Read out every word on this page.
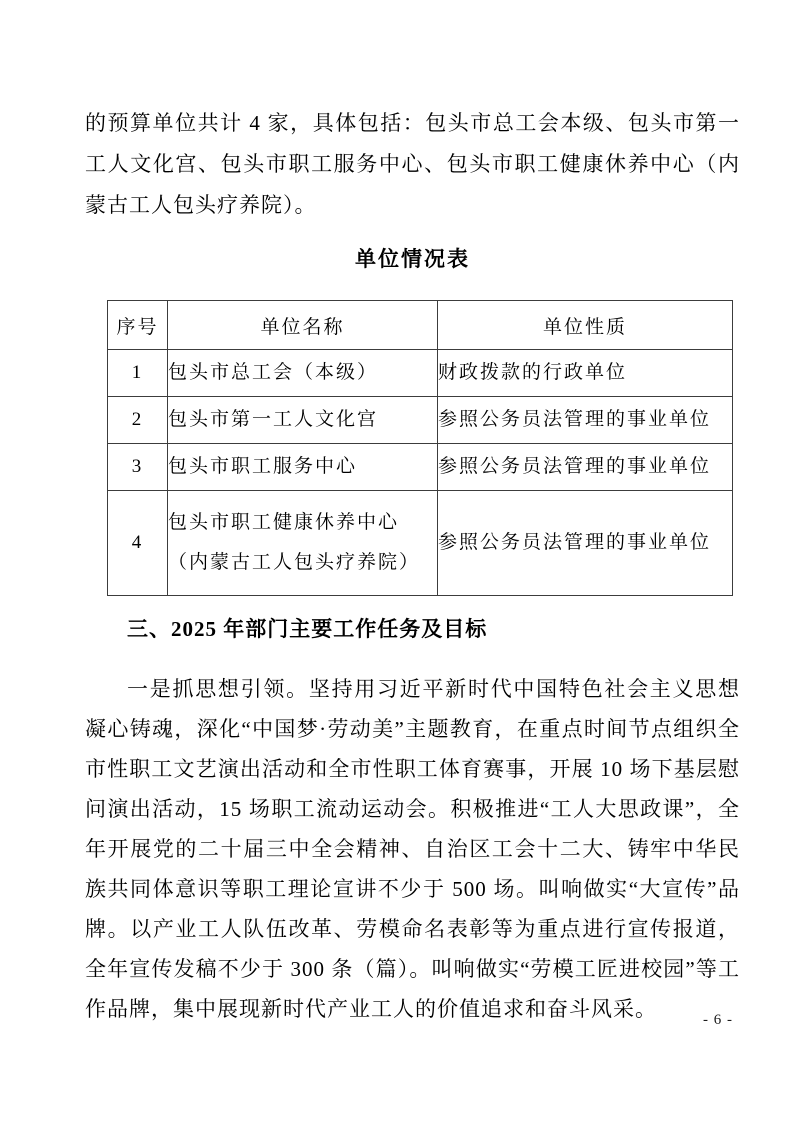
的预算单位共计 4 家，具体包括：包头市总工会本级、包头市第一工人文化宫、包头市职工服务中心、包头市职工健康休养中心（内蒙古工人包头疗养院）。

单位情况表
序号	单位名称	单位性质
1	包头市总工会（本级）	财政拨款的行政单位
2	包头市第一工人文化宫	参照公务员法管理的事业单位
3	包头市职工服务中心	参照公务员法管理的事业单位
4	包头市职工健康休养中心（内蒙古工人包头疗养院）	参照公务员法管理的事业单位
三、2025 年部门主要工作任务及目标

一是抓思想引领。坚持用习近平新时代中国特色社会主义思想凝心铸魂，深化“中国梦·劳动美”主题教育，在重点时间节点组织全市性职工文艺演出活动和全市性职工体育赛事，开展 10 场下基层慰问演出活动，15 场职工流动运动会。积极推进“工人大思政课”，全年开展党的二十届三中全会精神、自治区工会十二大、铸牢中华民族共同体意识等职工理论宣讲不少于 500 场。叫响做实“大宣传”品牌。以产业工人队伍改革、劳模命名表彰等为重点进行宣传报道，全年宣传发稿不少于 300 条（篇）。叫响做实“劳模工匠进校园”等工作品牌，集中展现新时代产业工人的价值追求和奋斗风采。	- 6 -
